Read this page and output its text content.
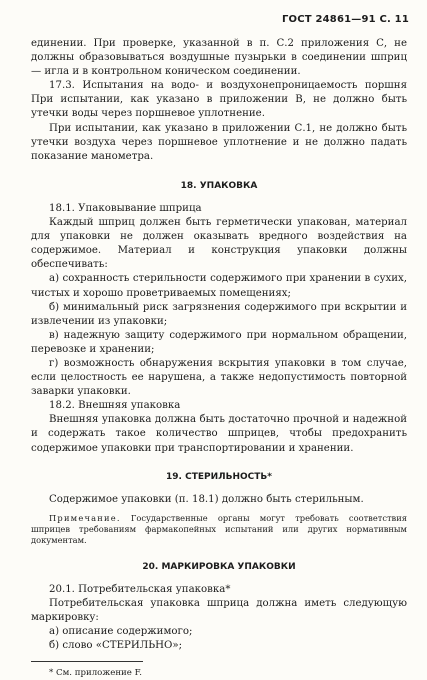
ГОСТ 24861—91 С. 11

единении. При проверке, указанной в п. С.2 приложения С, не должны образовываться воздушные пузырьки в соединении шприц — игла и в контрольном коническом соединении.

17.3. Испытания на водо- и воздухонепроницаемость поршня При испытании, как указано в приложении В, не должно быть утечки воды через поршневое уплотнение.

При испытании, как указано в приложении С.1, не должно быть утечки воздуха через поршневое уплотнение и не должно падать показание манометра.

18. УПАКОВКА

18.1. Упаковывание шприца

Каждый шприц должен быть герметически упакован, материал для упаковки не должен оказывать вредного воздействия на содержимое. Материал и конструкция упаковки должны обеспечивать:

а) сохранность стерильности содержимого при хранении в сухих, чистых и хорошо проветриваемых помещениях;

б) минимальный риск загрязнения содержимого при вскрытии и извлечении из упаковки;

в) надежную защиту содержимого при нормальном обращении, перевозке и хранении;

г) возможность обнаружения вскрытия упаковки в том случае, если целостность ее нарушена, а также недопустимость повторной заварки упаковки.

18.2. Внешняя упаковка

Внешняя упаковка должна быть достаточно прочной и надежной и содержать такое количество шприцев, чтобы предохранить содержимое упаковки при транспортировании и хранении.

19. СТЕРИЛЬНОСТЬ*

Содержимое упаковки (п. 18.1) должно быть стерильным.

Примечание. Государственные органы могут требовать соответствия шприцев требованиям фармакопейных испытаний или других нормативным документам.

20. МАРКИРОВКА УПАКОВКИ

20.1. Потребительская упаковка*

Потребительская упаковка шприца должна иметь следующую маркировку:

а) описание содержимого;

б) слово «СТЕРИЛЬНО»;

* См. приложение F.
